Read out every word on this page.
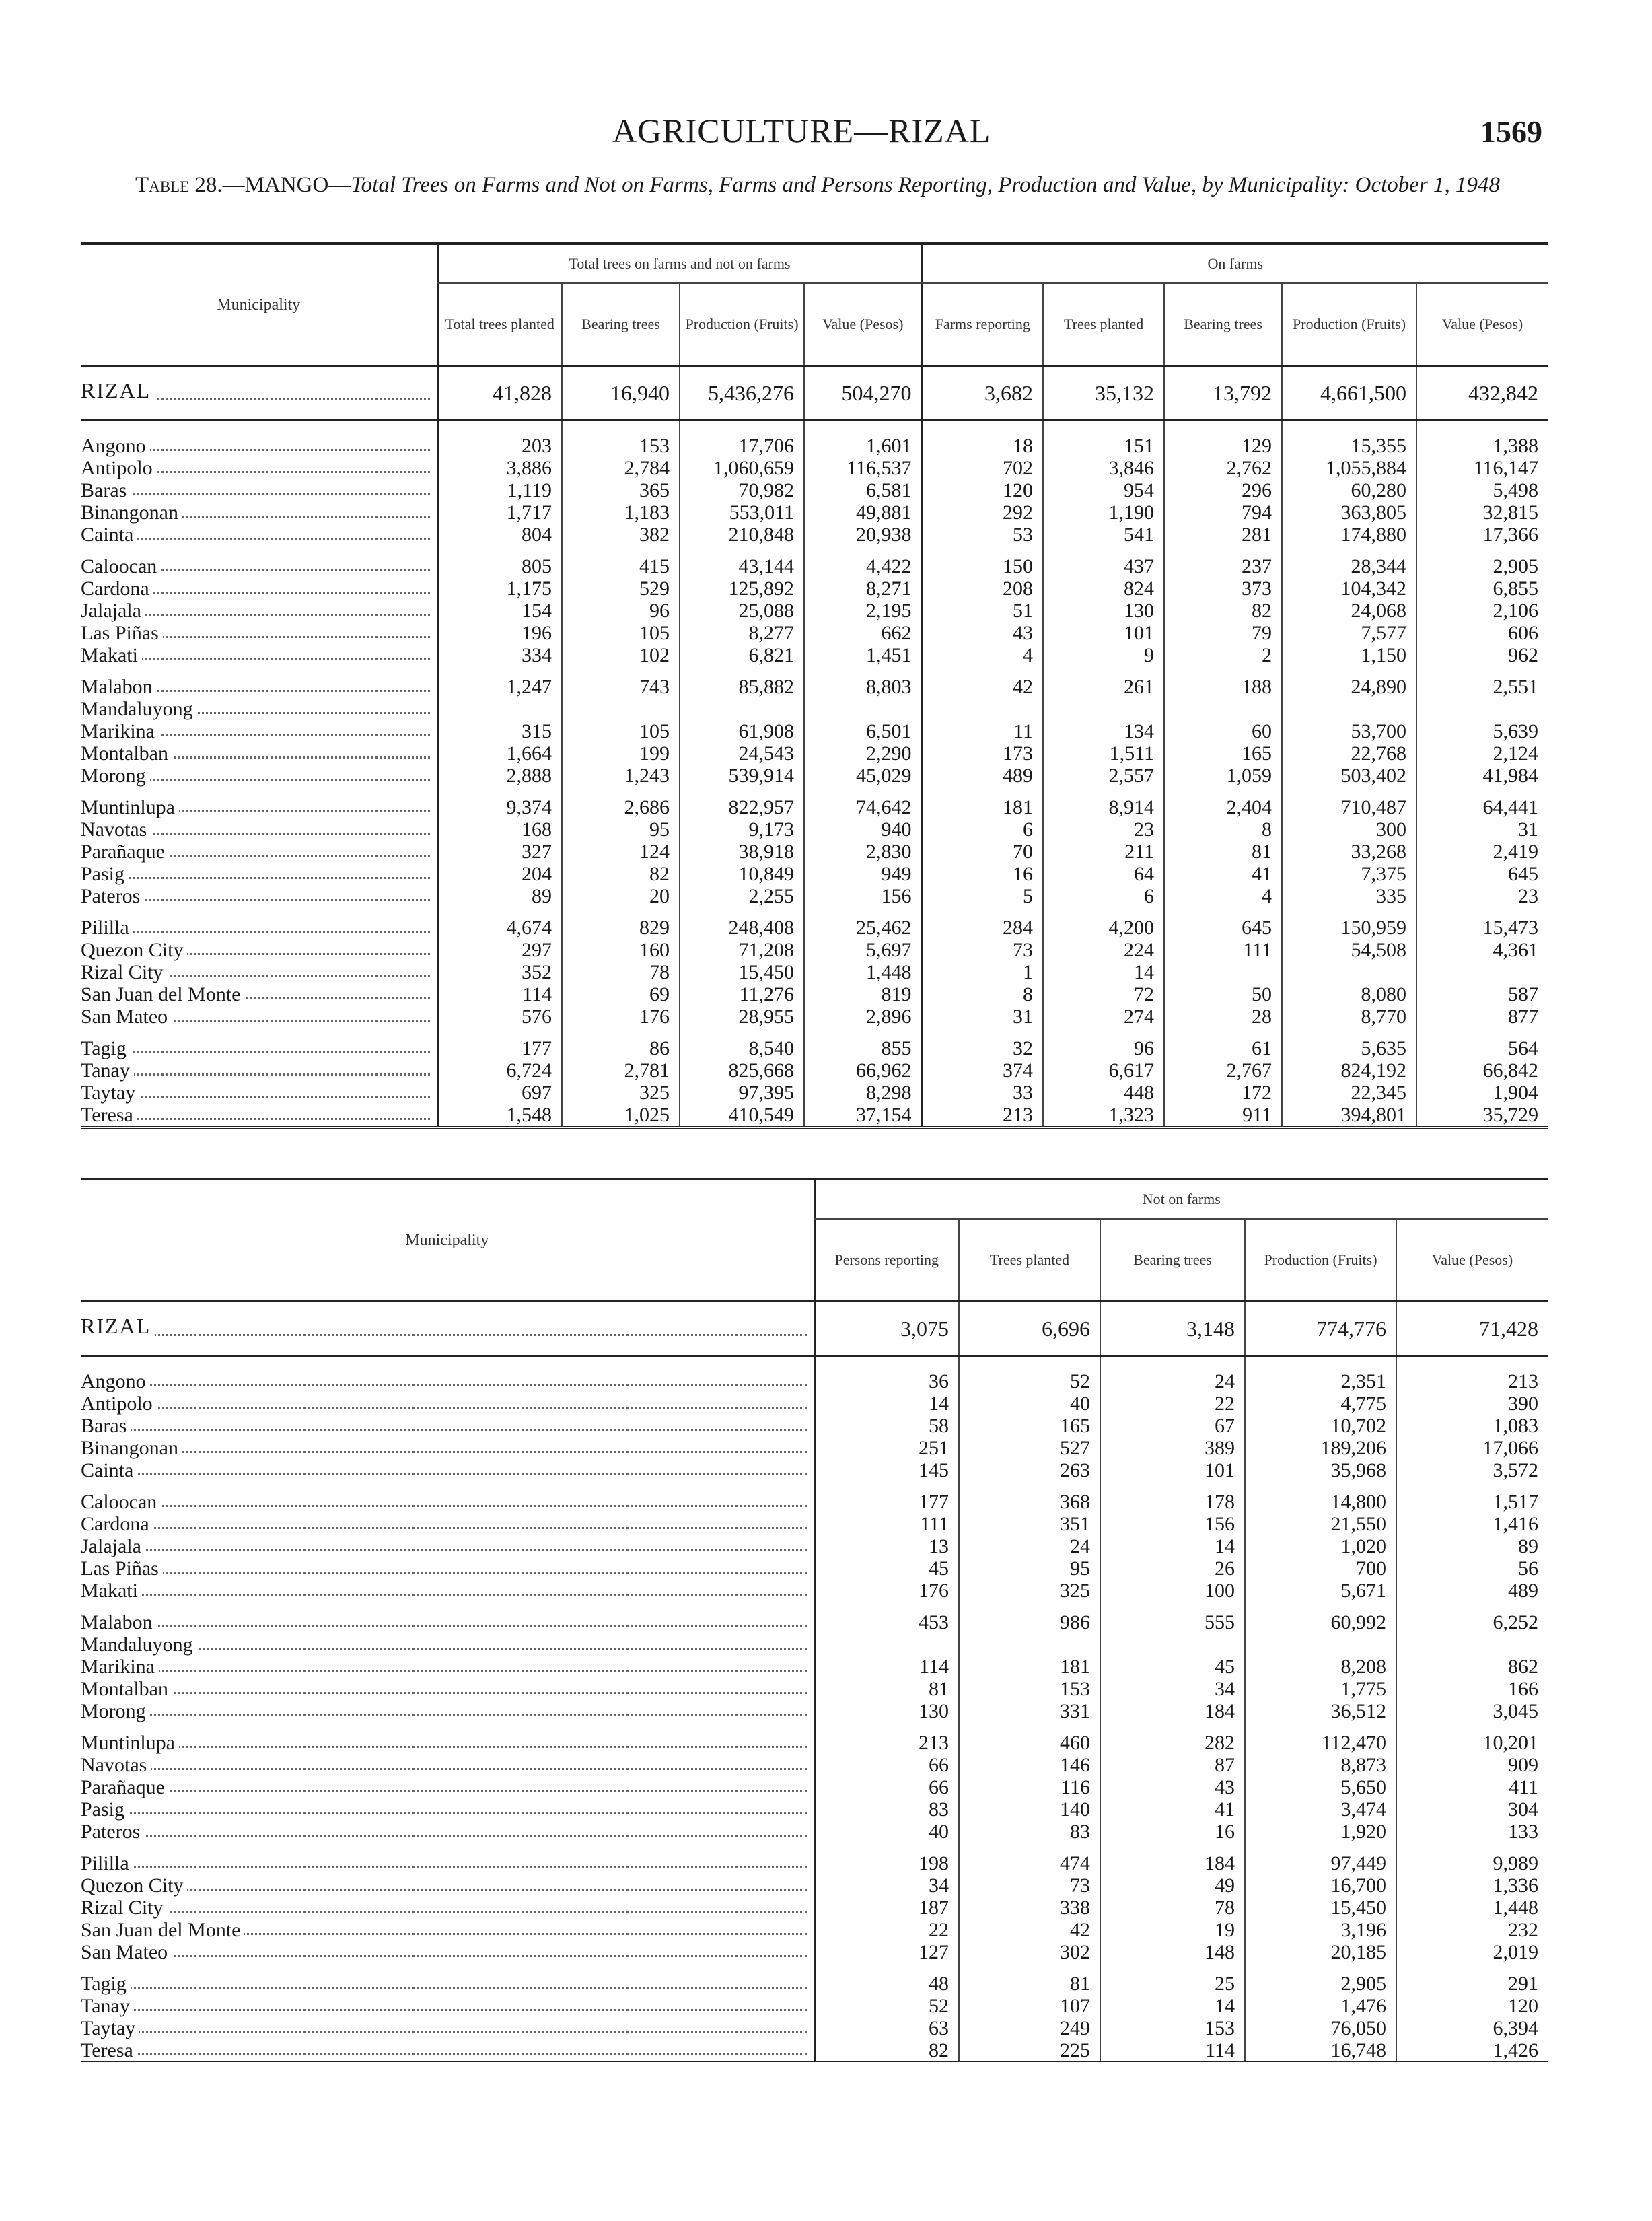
AGRICULTURE—RIZAL	1569
Table 28.—MANGO—Total Trees on Farms and Not on Farms, Farms and Persons Reporting, Production and Value, by Municipality: October 1, 1948
Municipality	Total trees on farms and not on farms				On farms				
	Total trees planted	Bearing trees	Production (Fruits)	Value (Pesos)	Farms reporting	Trees planted	Bearing trees	Production (Fruits)	Value (Pesos)
RIZAL	41,828	16,940	5,436,276	504,270	3,682	35,132	13,792	4,661,500	432,842

Angono	203	153	17,706	1,601	18	151	129	15,355	1,388
Antipolo	3,886	2,784	1,060,659	116,537	702	3,846	2,762	1,055,884	116,147
Baras	1,119	365	70,982	6,581	120	954	296	60,280	5,498
Binangonan	1,717	1,183	553,011	49,881	292	1,190	794	363,805	32,815
Cainta	804	382	210,848	20,938	53	541	281	174,880	17,366

Caloocan	805	415	43,144	4,422	150	437	237	28,344	2,905
Cardona	1,175	529	125,892	8,271	208	824	373	104,342	6,855
Jalajala	154	96	25,088	2,195	51	130	82	24,068	2,106
Las Piñas	196	105	8,277	662	43	101	79	7,577	606
Makati	334	102	6,821	1,451	4	9	2	1,150	962

Malabon	1,247	743	85,882	8,803	42	261	188	24,890	2,551
Mandaluyong									
Marikina	315	105	61,908	6,501	11	134	60	53,700	5,639
Montalban	1,664	199	24,543	2,290	173	1,511	165	22,768	2,124
Morong	2,888	1,243	539,914	45,029	489	2,557	1,059	503,402	41,984

Muntinlupa	9,374	2,686	822,957	74,642	181	8,914	2,404	710,487	64,441
Navotas	168	95	9,173	940	6	23	8	300	31
Parañaque	327	124	38,918	2,830	70	211	81	33,268	2,419
Pasig	204	82	10,849	949	16	64	41	7,375	645
Pateros	89	20	2,255	156	5	6	4	335	23

Pililla	4,674	829	248,408	25,462	284	4,200	645	150,959	15,473
Quezon City	297	160	71,208	5,697	73	224	111	54,508	4,361
Rizal City	352	78	15,450	1,448	1	14			
San Juan del Monte	114	69	11,276	819	8	72	50	8,080	587
San Mateo	576	176	28,955	2,896	31	274	28	8,770	877

Tagig	177	86	8,540	855	32	96	61	5,635	564
Tanay	6,724	2,781	825,668	66,962	374	6,617	2,767	824,192	66,842
Taytay	697	325	97,395	8,298	33	448	172	22,345	1,904
Teresa	1,548	1,025	410,549	37,154	213	1,323	911	394,801	35,729
Municipality	Not on farms				
	Persons reporting	Trees planted	Bearing trees	Production (Fruits)	Value (Pesos)
RIZAL	3,075	6,696	3,148	774,776	71,428

Angono	36	52	24	2,351	213
Antipolo	14	40	22	4,775	390
Baras	58	165	67	10,702	1,083
Binangonan	251	527	389	189,206	17,066
Cainta	145	263	101	35,968	3,572

Caloocan	177	368	178	14,800	1,517
Cardona	111	351	156	21,550	1,416
Jalajala	13	24	14	1,020	89
Las Piñas	45	95	26	700	56
Makati	176	325	100	5,671	489

Malabon	453	986	555	60,992	6,252
Mandaluyong					
Marikina	114	181	45	8,208	862
Montalban	81	153	34	1,775	166
Morong	130	331	184	36,512	3,045

Muntinlupa	213	460	282	112,470	10,201
Navotas	66	146	87	8,873	909
Parañaque	66	116	43	5,650	411
Pasig	83	140	41	3,474	304
Pateros	40	83	16	1,920	133

Pililla	198	474	184	97,449	9,989
Quezon City	34	73	49	16,700	1,336
Rizal City	187	338	78	15,450	1,448
San Juan del Monte	22	42	19	3,196	232
San Mateo	127	302	148	20,185	2,019

Tagig	48	81	25	2,905	291
Tanay	52	107	14	1,476	120
Taytay	63	249	153	76,050	6,394
Teresa	82	225	114	16,748	1,426
